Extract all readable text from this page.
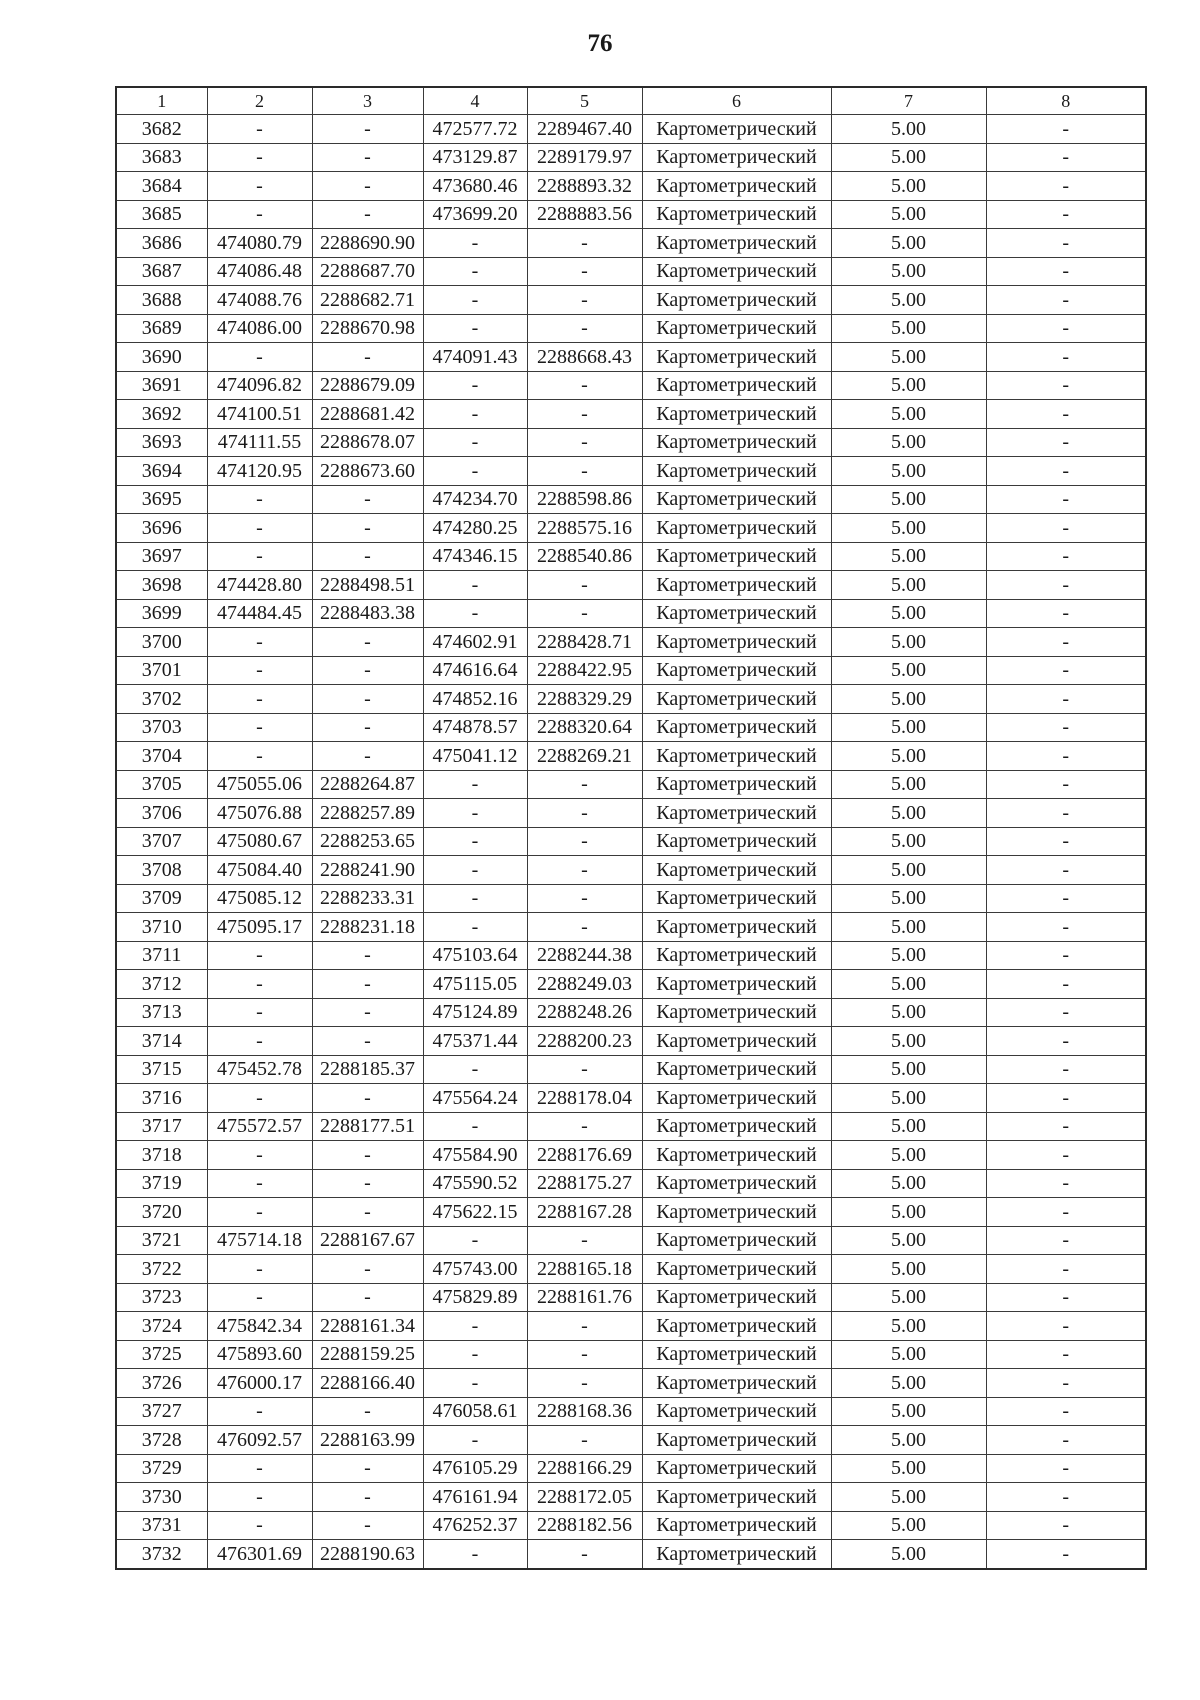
76
1	2	3	4	5	6	7	8
3682	-	-	472577.72	2289467.40	Картометрический	5.00	-
3683	-	-	473129.87	2289179.97	Картометрический	5.00	-
3684	-	-	473680.46	2288893.32	Картометрический	5.00	-
3685	-	-	473699.20	2288883.56	Картометрический	5.00	-
3686	474080.79	2288690.90	-	-	Картометрический	5.00	-
3687	474086.48	2288687.70	-	-	Картометрический	5.00	-
3688	474088.76	2288682.71	-	-	Картометрический	5.00	-
3689	474086.00	2288670.98	-	-	Картометрический	5.00	-
3690	-	-	474091.43	2288668.43	Картометрический	5.00	-
3691	474096.82	2288679.09	-	-	Картометрический	5.00	-
3692	474100.51	2288681.42	-	-	Картометрический	5.00	-
3693	474111.55	2288678.07	-	-	Картометрический	5.00	-
3694	474120.95	2288673.60	-	-	Картометрический	5.00	-
3695	-	-	474234.70	2288598.86	Картометрический	5.00	-
3696	-	-	474280.25	2288575.16	Картометрический	5.00	-
3697	-	-	474346.15	2288540.86	Картометрический	5.00	-
3698	474428.80	2288498.51	-	-	Картометрический	5.00	-
3699	474484.45	2288483.38	-	-	Картометрический	5.00	-
3700	-	-	474602.91	2288428.71	Картометрический	5.00	-
3701	-	-	474616.64	2288422.95	Картометрический	5.00	-
3702	-	-	474852.16	2288329.29	Картометрический	5.00	-
3703	-	-	474878.57	2288320.64	Картометрический	5.00	-
3704	-	-	475041.12	2288269.21	Картометрический	5.00	-
3705	475055.06	2288264.87	-	-	Картометрический	5.00	-
3706	475076.88	2288257.89	-	-	Картометрический	5.00	-
3707	475080.67	2288253.65	-	-	Картометрический	5.00	-
3708	475084.40	2288241.90	-	-	Картометрический	5.00	-
3709	475085.12	2288233.31	-	-	Картометрический	5.00	-
3710	475095.17	2288231.18	-	-	Картометрический	5.00	-
3711	-	-	475103.64	2288244.38	Картометрический	5.00	-
3712	-	-	475115.05	2288249.03	Картометрический	5.00	-
3713	-	-	475124.89	2288248.26	Картометрический	5.00	-
3714	-	-	475371.44	2288200.23	Картометрический	5.00	-
3715	475452.78	2288185.37	-	-	Картометрический	5.00	-
3716	-	-	475564.24	2288178.04	Картометрический	5.00	-
3717	475572.57	2288177.51	-	-	Картометрический	5.00	-
3718	-	-	475584.90	2288176.69	Картометрический	5.00	-
3719	-	-	475590.52	2288175.27	Картометрический	5.00	-
3720	-	-	475622.15	2288167.28	Картометрический	5.00	-
3721	475714.18	2288167.67	-	-	Картометрический	5.00	-
3722	-	-	475743.00	2288165.18	Картометрический	5.00	-
3723	-	-	475829.89	2288161.76	Картометрический	5.00	-
3724	475842.34	2288161.34	-	-	Картометрический	5.00	-
3725	475893.60	2288159.25	-	-	Картометрический	5.00	-
3726	476000.17	2288166.40	-	-	Картометрический	5.00	-
3727	-	-	476058.61	2288168.36	Картометрический	5.00	-
3728	476092.57	2288163.99	-	-	Картометрический	5.00	-
3729	-	-	476105.29	2288166.29	Картометрический	5.00	-
3730	-	-	476161.94	2288172.05	Картометрический	5.00	-
3731	-	-	476252.37	2288182.56	Картометрический	5.00	-
3732	476301.69	2288190.63	-	-	Картометрический	5.00	-
